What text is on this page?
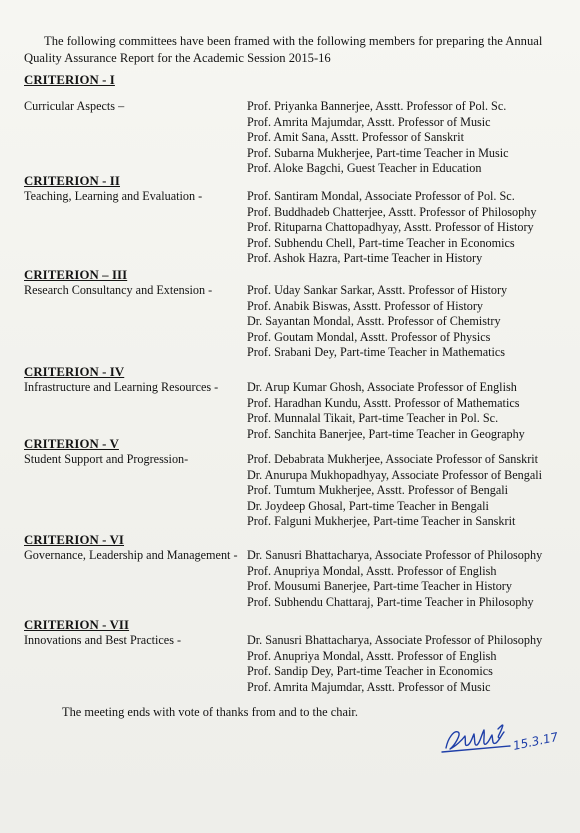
The following committees have been framed with the following members for preparing the Annual Quality Assurance Report for the Academic Session 2015-16

CRITERION - I

Curricular Aspects –	Prof. Priyanka Bannerjee, Asstt. Professor of Pol. Sc.
Prof. Amrita Majumdar, Asstt. Professor of Music
Prof. Amit Sana, Asstt. Professor of Sanskrit
Prof. Subarna Mukherjee, Part-time Teacher in Music
Prof. Aloke Bagchi, Guest Teacher in Education

CRITERION - II

Teaching, Learning and Evaluation -	Prof. Santiram Mondal, Associate Professor of Pol. Sc.
Prof. Buddhadeb Chatterjee, Asstt. Professor of Philosophy
Prof. Rituparna Chattopadhyay, Asstt. Professor of History
Prof. Subhendu Chell, Part-time Teacher in Economics
Prof. Ashok Hazra, Part-time Teacher in History

CRITERION – III

Research Consultancy and Extension -	Prof. Uday Sankar Sarkar, Asstt. Professor of History
Prof. Anabik Biswas, Asstt. Professor of History
Dr. Sayantan Mondal, Asstt. Professor of Chemistry
Prof. Goutam Mondal, Asstt. Professor of Physics
Prof. Srabani Dey, Part-time Teacher in Mathematics

CRITERION - IV

Infrastructure and Learning Resources - Dr. Arup Kumar Ghosh, Associate Professor of English
Prof. Haradhan Kundu, Asstt. Professor of Mathematics
Prof. Munnalal Tikait, Part-time Teacher in Pol. Sc.
Prof. Sanchita Banerjee, Part-time Teacher in Geography

CRITERION - V

Student Support and Progression-	Prof. Debabrata Mukherjee, Associate Professor of Sanskrit
Dr. Anurupa Mukhopadhyay, Associate Professor of Bengali
Prof. Tumtum Mukherjee, Asstt. Professor of Bengali
Dr. Joydeep Ghosal, Part-time Teacher in Bengali
Prof. Falguni Mukherjee, Part-time Teacher in Sanskrit

CRITERION - VI

Governance, Leadership and Management - Dr. Sanusri Bhattacharya, Associate Professor of Philosophy
Prof. Anupriya Mondal, Asstt. Professor of English
Prof. Mousumi Banerjee, Part-time Teacher in History
Prof. Subhendu Chattaraj, Part-time Teacher in Philosophy

CRITERION - VII

Innovations and Best Practices -	Dr. Sanusri Bhattacharya, Associate Professor of Philosophy
Prof. Anupriya Mondal, Asstt. Professor of English
Prof. Sandip Dey, Part-time Teacher in Economics
Prof. Amrita Majumdar, Asstt. Professor of Music

The meeting ends with vote of thanks from and to the chair.

15.3.17
